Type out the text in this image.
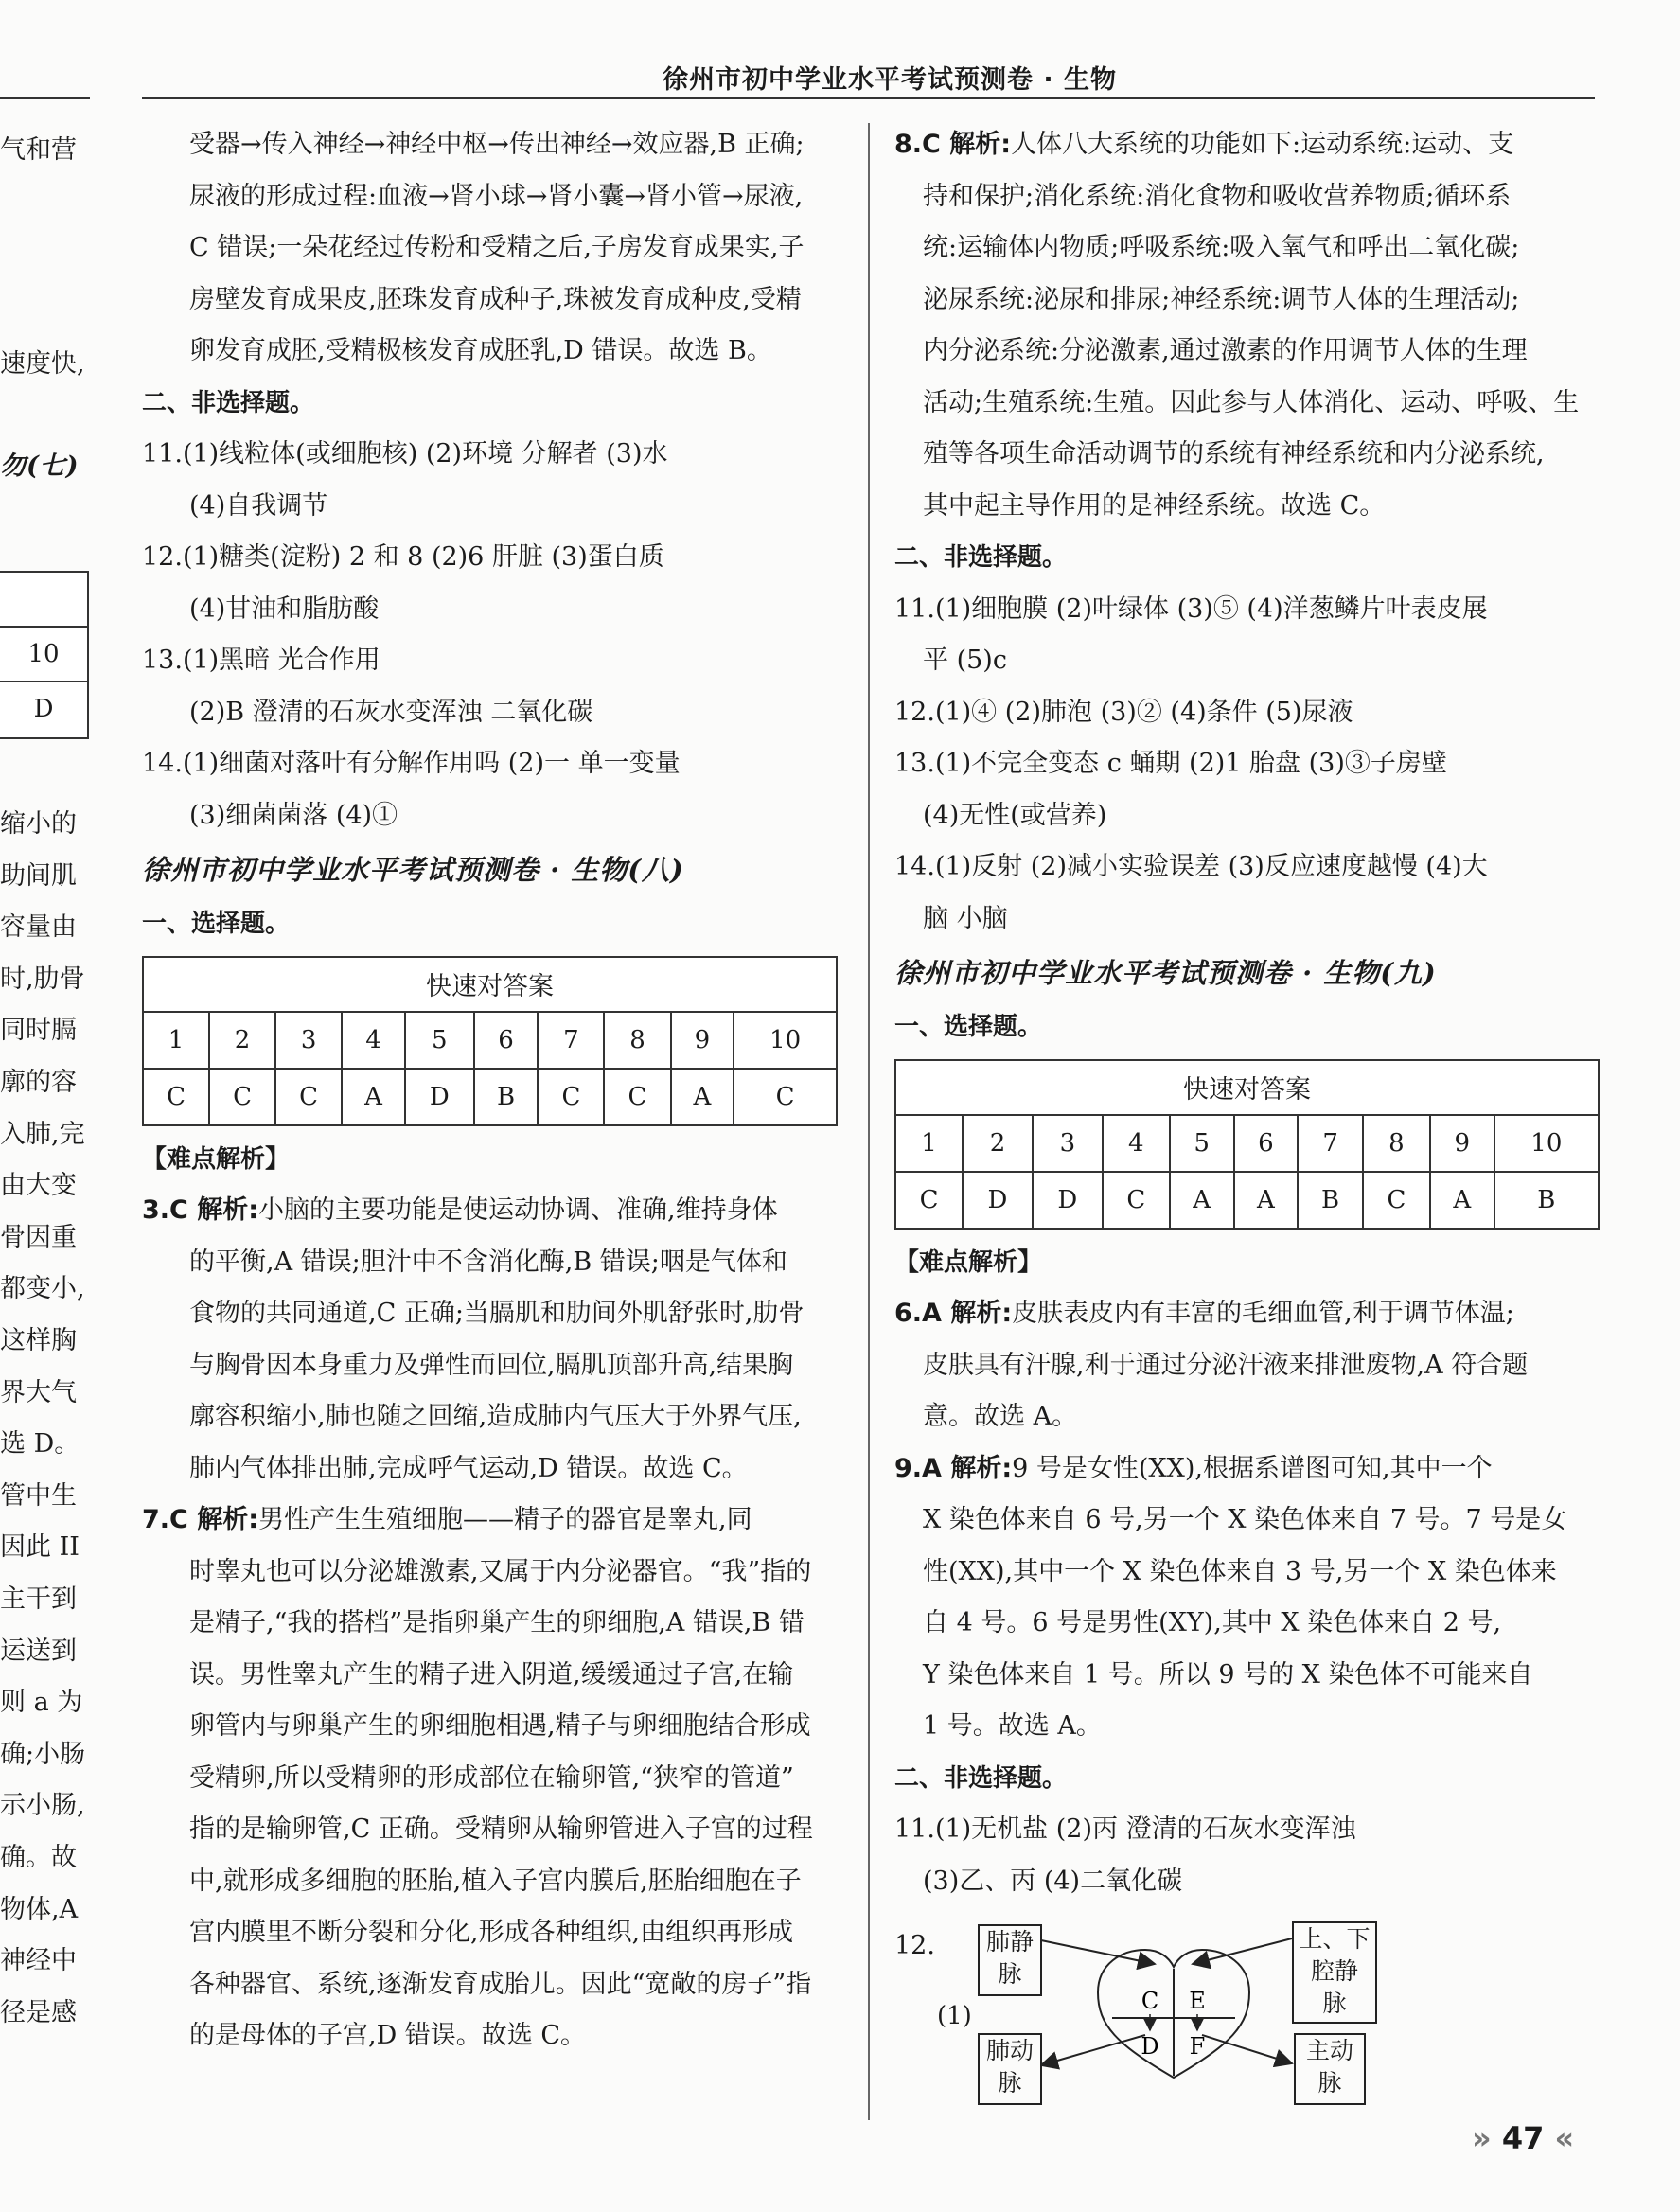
徐州市初中学业水平考试预测卷 · 生物
气和营
速度快,
勿(七)
10
D
缩小的
助间肌
容量由
时,肋骨
同时膈
廓的容
入肺,完
由大变
骨因重
都变小,
这样胸
界大气
选 D。
管中生
因此 II
主干到
运送到
则 a 为
确;小肠
示小肠,
确。故
物体,A
神经中
径是感
受器→传入神经→神经中枢→传出神经→效应器,B 正确;
尿液的形成过程:血液→肾小球→肾小囊→肾小管→尿液,
C 错误;一朵花经过传粉和受精之后,子房发育成果实,子
房壁发育成果皮,胚珠发育成种子,珠被发育成种皮,受精
卵发育成胚,受精极核发育成胚乳,D 错误。故选 B。
二、非选择题。
11.(1)线粒体(或细胞核) (2)环境 分解者 (3)水
(4)自我调节
12.(1)糖类(淀粉) 2 和 8 (2)6 肝脏 (3)蛋白质
(4)甘油和脂肪酸
13.(1)黑暗 光合作用
(2)B 澄清的石灰水变浑浊 二氧化碳
14.(1)细菌对落叶有分解作用吗 (2)一 单一变量
(3)细菌菌落 (4)①
徐州市初中学业水平考试预测卷 · 生物(八)
一、选择题。
快速对答案									
1	2	3	4	5	6	7	8	9	10
C	C	C	A	D	B	C	C	A	C
【难点解析】
3.C 解析:小脑的主要功能是使运动协调、准确,维持身体
的平衡,A 错误;胆汁中不含消化酶,B 错误;咽是气体和
食物的共同通道,C 正确;当膈肌和肋间外肌舒张时,肋骨
与胸骨因本身重力及弹性而回位,膈肌顶部升高,结果胸
廓容积缩小,肺也随之回缩,造成肺内气压大于外界气压,
肺内气体排出肺,完成呼气运动,D 错误。故选 C。
7.C 解析:男性产生生殖细胞——精子的器官是睾丸,同
时睾丸也可以分泌雄激素,又属于内分泌器官。“我”指的
是精子,“我的搭档”是指卵巢产生的卵细胞,A 错误,B 错
误。男性睾丸产生的精子进入阴道,缓缓通过子宫,在输
卵管内与卵巢产生的卵细胞相遇,精子与卵细胞结合形成
受精卵,所以受精卵的形成部位在输卵管,“狭窄的管道”
指的是输卵管,C 正确。受精卵从输卵管进入子宫的过程
中,就形成多细胞的胚胎,植入子宫内膜后,胚胎细胞在子
宫内膜里不断分裂和分化,形成各种组织,由组织再形成
各种器官、系统,逐渐发育成胎儿。因此“宽敞的房子”指
的是母体的子宫,D 错误。故选 C。
8.C 解析:人体八大系统的功能如下:运动系统:运动、支
持和保护;消化系统:消化食物和吸收营养物质;循环系
统:运输体内物质;呼吸系统:吸入氧气和呼出二氧化碳;
泌尿系统:泌尿和排尿;神经系统:调节人体的生理活动;
内分泌系统:分泌激素,通过激素的作用调节人体的生理
活动;生殖系统:生殖。因此参与人体消化、运动、呼吸、生
殖等各项生命活动调节的系统有神经系统和内分泌系统,
其中起主导作用的是神经系统。故选 C。
二、非选择题。
11.(1)细胞膜 (2)叶绿体 (3)⑤ (4)洋葱鳞片叶表皮展
平 (5)c
12.(1)④ (2)肺泡 (3)② (4)条件 (5)尿液
13.(1)不完全变态 c 蛹期 (2)1 胎盘 (3)③子房壁
(4)无性(或营养)
14.(1)反射 (2)减小实验误差 (3)反应速度越慢 (4)大
脑 小脑
徐州市初中学业水平考试预测卷 · 生物(九)
一、选择题。
快速对答案									
1	2	3	4	5	6	7	8	9	10
C	D	D	C	A	A	B	C	A	B
【难点解析】
6.A 解析:皮肤表皮内有丰富的毛细血管,利于调节体温;
皮肤具有汗腺,利于通过分泌汗液来排泄废物,A 符合题
意。故选 A。
9.A 解析:9 号是女性(XX),根据系谱图可知,其中一个
X 染色体来自 6 号,另一个 X 染色体来自 7 号。7 号是女
性(XX),其中一个 X 染色体来自 3 号,另一个 X 染色体来
自 4 号。6 号是男性(XY),其中 X 染色体来自 2 号,
Y 染色体来自 1 号。所以 9 号的 X 染色体不可能来自
1 号。故选 A。
二、非选择题。
11.(1)无机盐 (2)丙 澄清的石灰水变浑浊
(3)乙、丙 (4)二氧化碳
12.
(1)
C E
D F
肺静
脉
上、下
腔静
脉
肺动
脉
主动
脉
» 47 «
